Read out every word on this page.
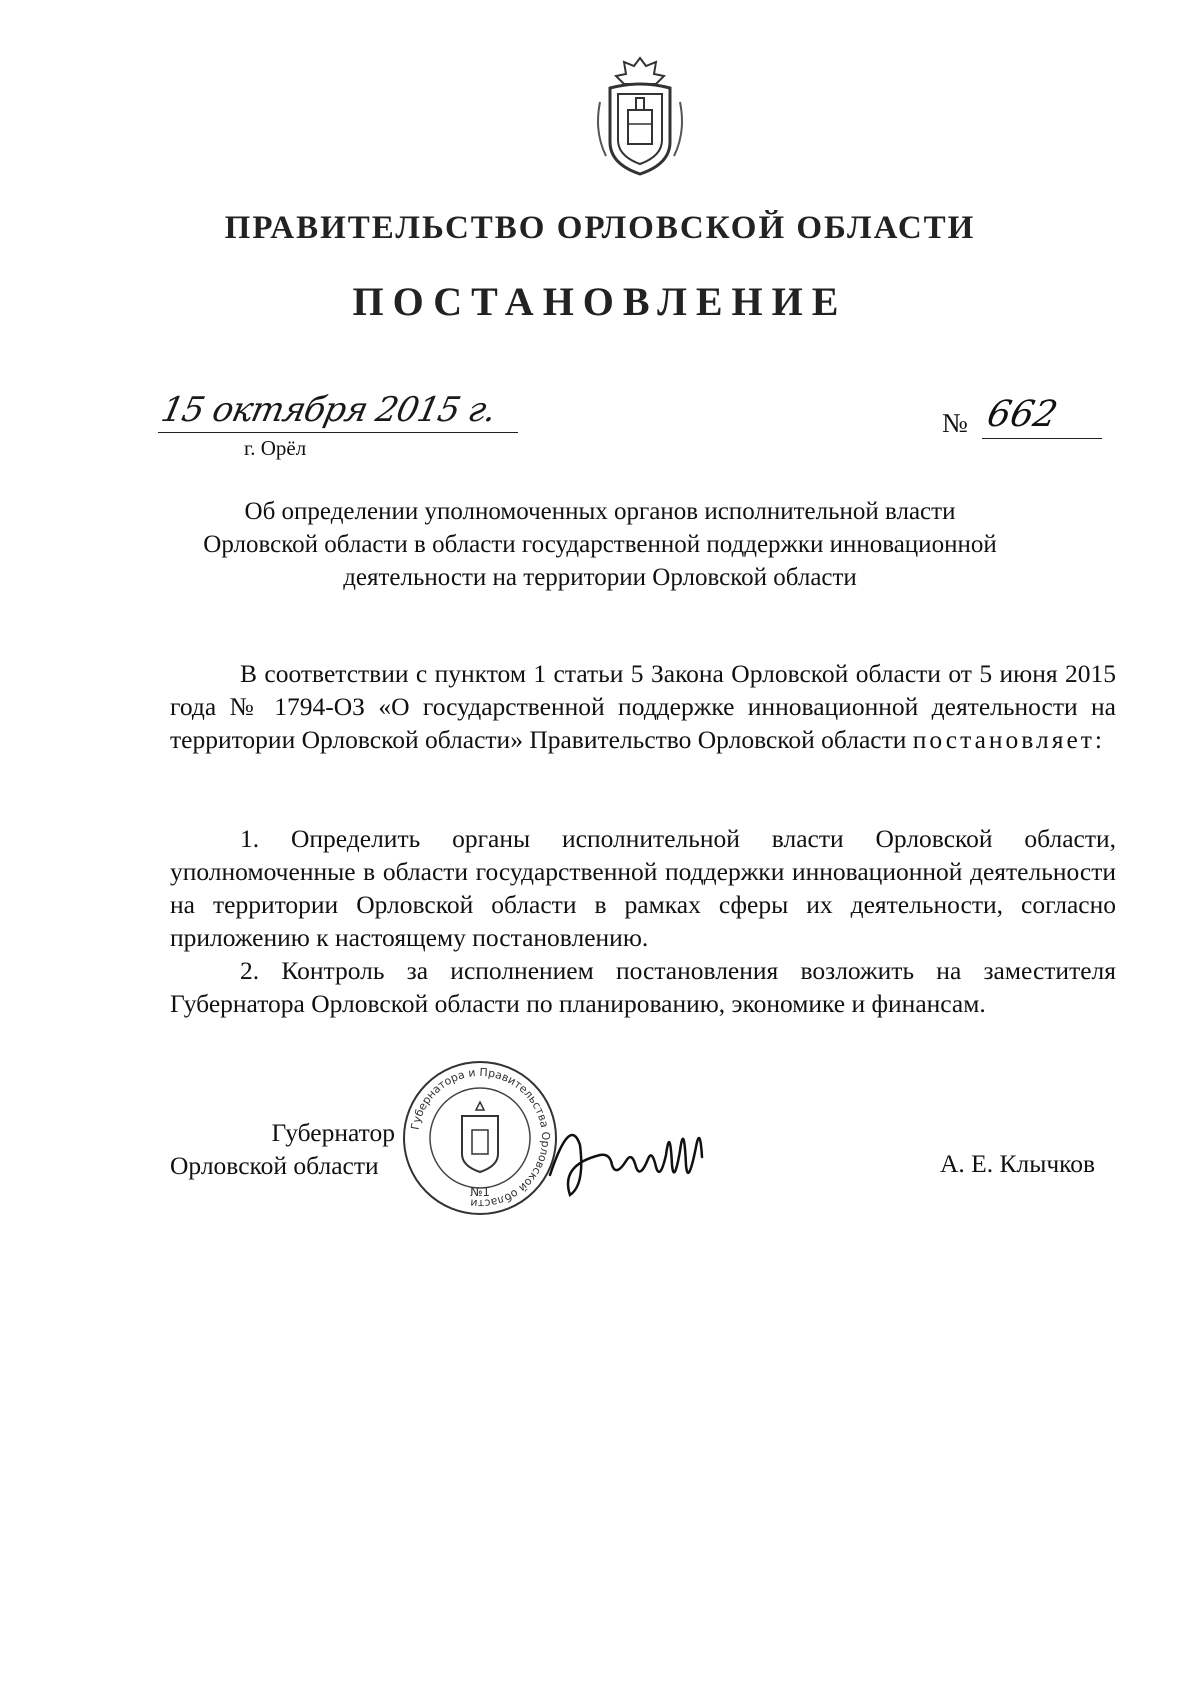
ПРАВИТЕЛЬСТВО ОРЛОВСКОЙ ОБЛАСТИ
ПОСТАНОВЛЕНИЕ
15 октября 2015 г.
г. Орёл
№ 662
Об определении уполномоченных органов исполнительной власти Орловской области в области государственной поддержки инновационной деятельности на территории Орловской области
В соответствии с пунктом 1 статьи 5 Закона Орловской области от 5 июня 2015 года № 1794-ОЗ «О государственной поддержке инновационной деятельности на территории Орловской области» Правительство Орловской области постановляет:
1. Определить органы исполнительной власти Орловской области, уполномоченные в области государственной поддержки инновационной деятельности на территории Орловской области в рамках сферы их деятельности, согласно приложению к настоящему постановлению.
2. Контроль за исполнением постановления возложить на заместителя Губернатора Орловской области по планированию, экономике и финансам.
Губернатора и Правительства Орловской области
№1
Губернатор
Орловской области	А. Е. Клычков
